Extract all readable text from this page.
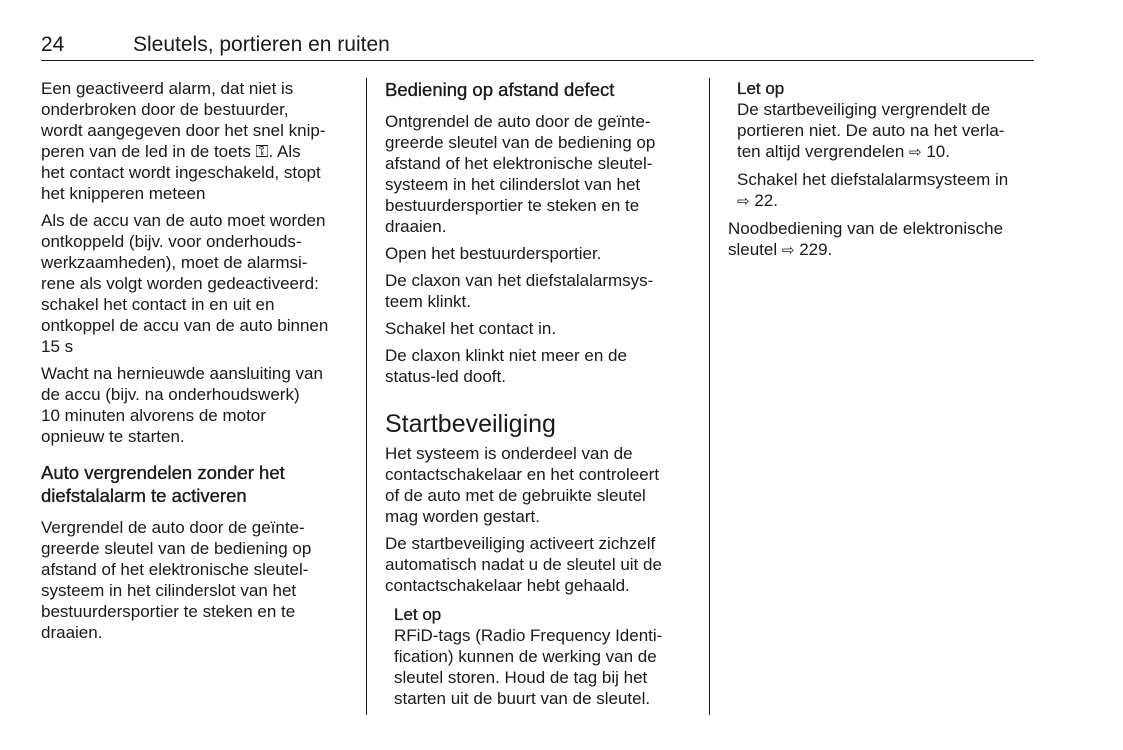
24	Sleutels, portieren en ruiten

Een geactiveerd alarm, dat niet is
onderbroken door de bestuurder,
wordt aangegeven door het snel knip-
peren van de led in de toets ⚿. Als
het contact wordt ingeschakeld, stopt
het knipperen meteen

Als de accu van de auto moet worden
ontkoppeld (bijv. voor onderhouds-
werkzaamheden), moet de alarmsi-
rene als volgt worden gedeactiveerd:
schakel het contact in en uit en
ontkoppel de accu van de auto binnen
15 s

Wacht na hernieuwde aansluiting van
de accu (bijv. na onderhoudswerk)
10 minuten alvorens de motor
opnieuw te starten.

Auto vergrendelen zonder het
diefstalalarm te activeren

Vergrendel de auto door de geïnte-
greerde sleutel van de bediening op
afstand of het elektronische sleutel-
systeem in het cilinderslot van het
bestuurdersportier te steken en te
draaien.

Bediening op afstand defect

Ontgrendel de auto door de geïnte-
greerde sleutel van de bediening op
afstand of het elektronische sleutel-
systeem in het cilinderslot van het
bestuurdersportier te steken en te
draaien.

Open het bestuurdersportier.

De claxon van het diefstalalarmsys-
teem klinkt.

Schakel het contact in.

De claxon klinkt niet meer en de
status-led dooft.

Startbeveiliging

Het systeem is onderdeel van de
contactschakelaar en het controleert
of de auto met de gebruikte sleutel
mag worden gestart.

De startbeveiliging activeert zichzelf
automatisch nadat u de sleutel uit de
contactschakelaar hebt gehaald.

Let op

RFiD-tags (Radio Frequency Identi-
fication) kunnen de werking van de
sleutel storen. Houd de tag bij het
starten uit de buurt van de sleutel.

Let op

De startbeveiliging vergrendelt de
portieren niet. De auto na het verla-
ten altijd vergrendelen ⇨ 10.

Schakel het diefstalalarmsysteem in
⇨ 22.

Noodbediening van de elektronische
sleutel ⇨ 229.
